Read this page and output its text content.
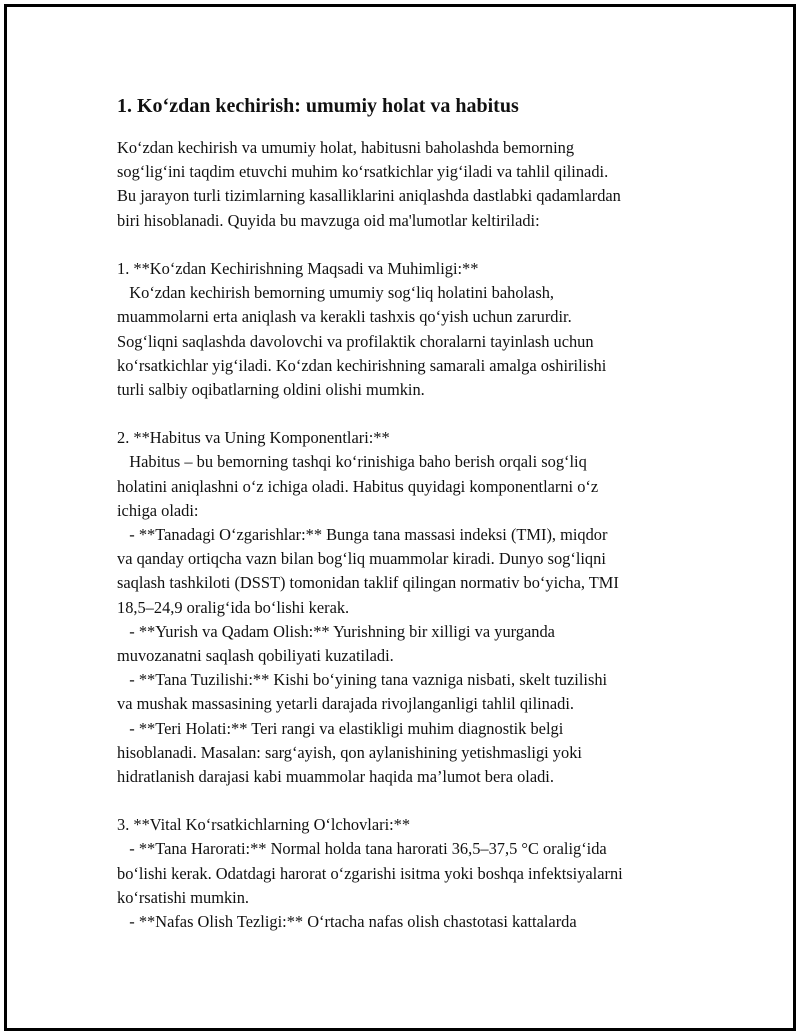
1. Ko‘zdan kechirish: umumiy holat va habitus
Ko‘zdan kechirish va umumiy holat, habitusni baholashda bemorning
sog‘lig‘ini taqdim etuvchi muhim ko‘rsatkichlar yig‘iladi va tahlil qilinadi.
Bu jarayon turli tizimlarning kasalliklarini aniqlashda dastlabki qadamlardan
biri hisoblanadi. Quyida bu mavzuga oid ma'lumotlar keltiriladi:
1. **Ko‘zdan Kechirishning Maqsadi va Muhimligi:**
Ko‘zdan kechirish bemorning umumiy sog‘liq holatini baholash,
muammolarni erta aniqlash va kerakli tashxis qo‘yish uchun zarurdir.
Sog‘liqni saqlashda davolovchi va profilaktik choralarni tayinlash uchun
ko‘rsatkichlar yig‘iladi. Ko‘zdan kechirishning samarali amalga oshirilishi
turli salbiy oqibatlarning oldini olishi mumkin.
2. **Habitus va Uning Komponentlari:**
Habitus – bu bemorning tashqi ko‘rinishiga baho berish orqali sog‘liq
holatini aniqlashni o‘z ichiga oladi. Habitus quyidagi komponentlarni o‘z
ichiga oladi:
- **Tanadagi O‘zgarishlar:** Bunga tana massasi indeksi (TMI), miqdor
va qanday ortiqcha vazn bilan bog‘liq muammolar kiradi. Dunyo sog‘liqni
saqlash tashkiloti (DSST) tomonidan taklif qilingan normativ bo‘yicha, TMI
18,5–24,9 oralig‘ida bo‘lishi kerak.
- **Yurish va Qadam Olish:** Yurishning bir xilligi va yurganda
muvozanatni saqlash qobiliyati kuzatiladi.
- **Tana Tuzilishi:** Kishi bo‘yining tana vazniga nisbati, skelt tuzilishi
va mushak massasining yetarli darajada rivojlanganligi tahlil qilinadi.
- **Teri Holati:** Teri rangi va elastikligi muhim diagnostik belgi
hisoblanadi. Masalan: sarg‘ayish, qon aylanishining yetishmasligi yoki
hidratlanish darajasi kabi muammolar haqida ma’lumot bera oladi.
3. **Vital Ko‘rsatkichlarning O‘lchovlari:**
- **Tana Harorati:** Normal holda tana harorati 36,5–37,5 °C oralig‘ida
bo‘lishi kerak. Odatdagi harorat o‘zgarishi isitma yoki boshqa infektsiyalarni
ko‘rsatishi mumkin.
- **Nafas Olish Tezligi:** O‘rtacha nafas olish chastotasi kattalarda
